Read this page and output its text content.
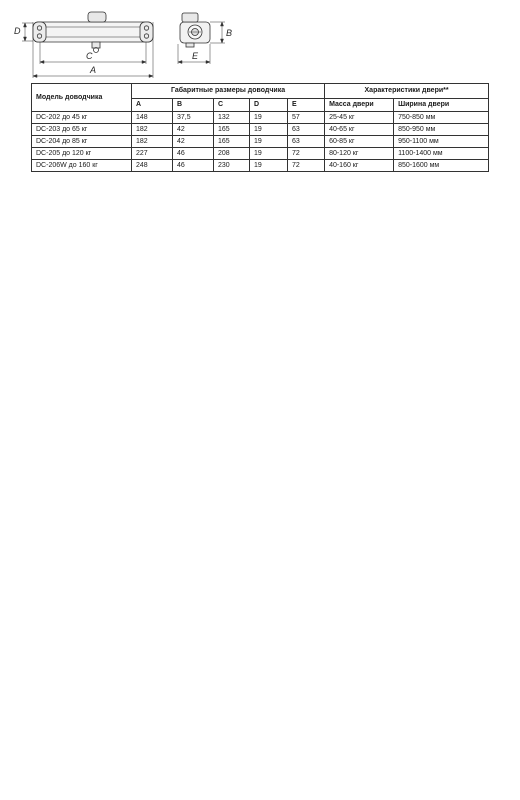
D
C
A
B
E
Модель доводчика	Габаритные размеры доводчика					Характеристики двери**	
	A	B	C	D	E	Масса двери	Ширина двери
DC-202 до 45 кг	148	37,5	132	19	57	25-45 кг	750-850 мм
DC-203 до 65 кг	182	42	165	19	63	40-65 кг	850-950 мм
DC-204 до 85 кг	182	42	165	19	63	60-85 кг	950-1100 мм
DC-205 до 120 кг	227	46	208	19	72	80-120 кг	1100-1400 мм
DC-206W до 160 кг	248	46	230	19	72	40-160 кг	850-1600 мм
